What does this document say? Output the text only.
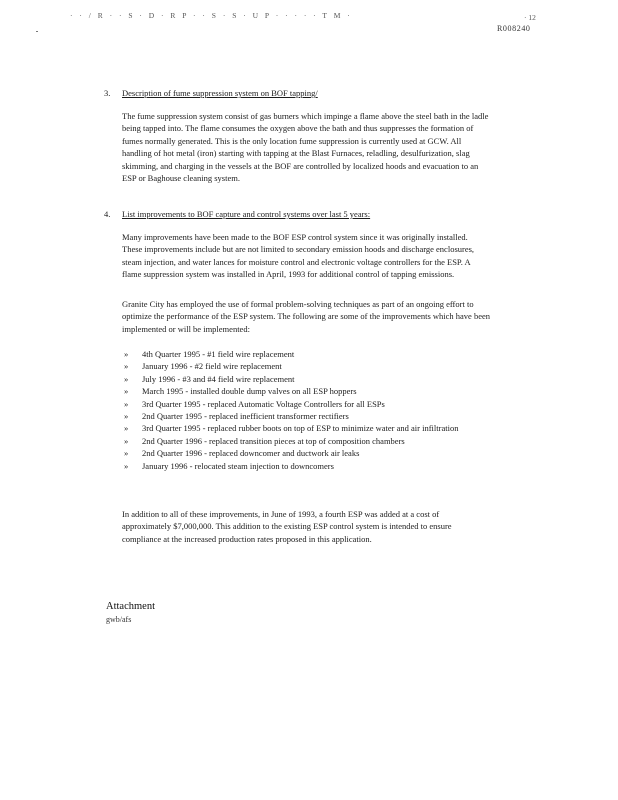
· · / R · · S · D · R P · · S · S · U P · · · · · T M ·	· 12
R008240
3.	Description of fume suppression system on BOF tapping/

The fume suppression system consist of gas burners which impinge a flame above the steel bath in the ladle being tapped into. The flame consumes the oxygen above the bath and thus suppresses the formation of fumes normally generated. This is the only location fume suppression is currently used at GCW. All handling of hot metal (iron) starting with tapping at the Blast Furnaces, reladling, desulfurization, slag skimming, and charging in the vessels at the BOF are controlled by localized hoods and evacuation to an ESP or Baghouse cleaning system.

4.	List improvements to BOF capture and control systems over last 5 years:

Many improvements have been made to the BOF ESP control system since it was originally installed. These improvements include but are not limited to secondary emission hoods and discharge enclosures, steam injection, and water lances for moisture control and electronic voltage controllers for the ESP. A flame suppression system was installed in April, 1993 for additional control of tapping emissions.

Granite City has employed the use of formal problem-solving techniques as part of an ongoing effort to optimize the performance of the ESP system. The following are some of the improvements which have been implemented or will be implemented:

»	4th Quarter 1995 - #1 field wire replacement
»	January 1996 - #2 field wire replacement
»	July 1996 - #3 and #4 field wire replacement
»	March 1995 - installed double dump valves on all ESP hoppers
»	3rd Quarter 1995 - replaced Automatic Voltage Controllers for all ESPs
»	2nd Quarter 1995 - replaced inefficient transformer rectifiers
»	3rd Quarter 1995 - replaced rubber boots on top of ESP to minimize water and air infiltration
»	2nd Quarter 1996 - replaced transition pieces at top of composition chambers
»	2nd Quarter 1996 - replaced downcomer and ductwork air leaks
»	January 1996 - relocated steam injection to downcomers

In addition to all of these improvements, in June of 1993, a fourth ESP was added at a cost of approximately $7,000,000. This addition to the existing ESP control system is intended to ensure compliance at the increased production rates proposed in this application.

Attachment
gwb/afs
